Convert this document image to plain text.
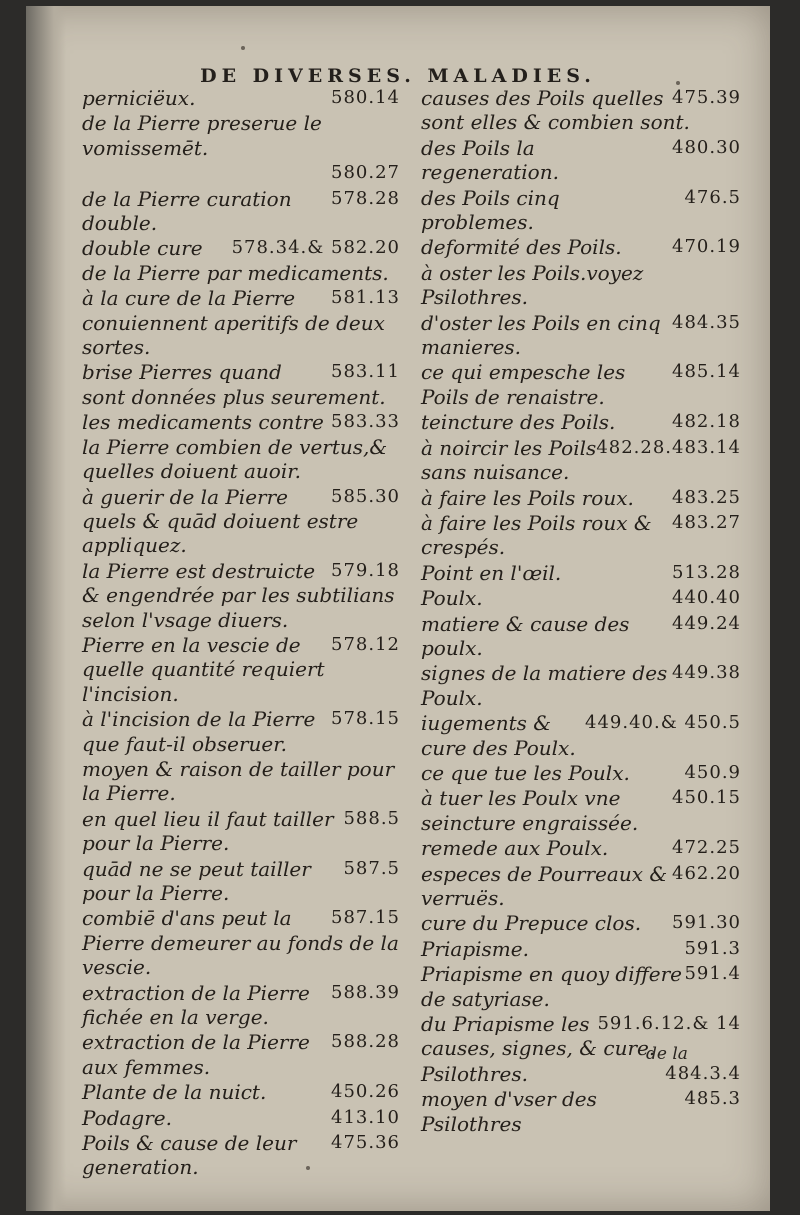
DE DIVERSES. MALADIES.
580.14
perniciëux.
de la Pierre preserue le vomissemēt.
580.27
578.28
de la Pierre curation double.
578.34.& 582.20
double cure de la Pierre par medicaments.
581.13
à la cure de la Pierre conuiennent aperitifs de deux sortes.
583.11
brise Pierres quand sont données plus seurement.
583.33
les medicaments contre la Pierre combien de vertus,& quelles doiuent auoir.
585.30
à guerir de la Pierre quels & quād doiuent estre appliquez.
579.18
la Pierre est destruicte & engendrée par les subtilians selon l'vsage diuers.
578.12
Pierre en la vescie de quelle quantité requiert l'incision.
578.15
à l'incision de la Pierre que faut-il obseruer.
moyen & raison de tailler pour la Pierre.
588.5
en quel lieu il faut tailler pour la Pierre.
587.5
quād ne se peut tailler pour la Pierre.
587.15
combiē d'ans peut la Pierre demeurer au fonds de la vescie.
588.39
extraction de la Pierre fichée en la verge.
588.28
extraction de la Pierre aux femmes.
450.26
Plante de la nuict.
413.10
Podagre.
475.36
Poils & cause de leur generation.
475.39
causes des Poils quelles sont elles & combien sont.
480.30
des Poils la regeneration.
476.5
des Poils cinq problemes.
470.19
deformité des Poils.
à oster les Poils.voyez Psilothres.
484.35
d'oster les Poils en cinq manieres.
485.14
ce qui empesche les Poils de renaistre.
482.18
teincture des Poils.
482.28.483.14
à noircir les Poils sans nuisance.
483.25
à faire les Poils roux.
483.27
à faire les Poils roux & crespés.
513.28
Point en l'œil.
440.40
Poulx.
449.24
matiere & cause des poulx.
449.38
signes de la matiere des Poulx.
449.40.& 450.5
iugements & cure des Poulx.
450.9
ce que tue les Poulx.
450.15
à tuer les Poulx vne seincture engraissée.
472.25
remede aux Poulx.
462.20
especes de Pourreaux & verruës.
591.30
cure du Prepuce clos.
591.3
Priapisme.
591.4
Priapisme en quoy differe de satyriase.
591.6.12.& 14
du Priapisme les causes, signes, & cure.
484.3.4
Psilothres.
485.3
moyen d'vser des Psilothres
de la
